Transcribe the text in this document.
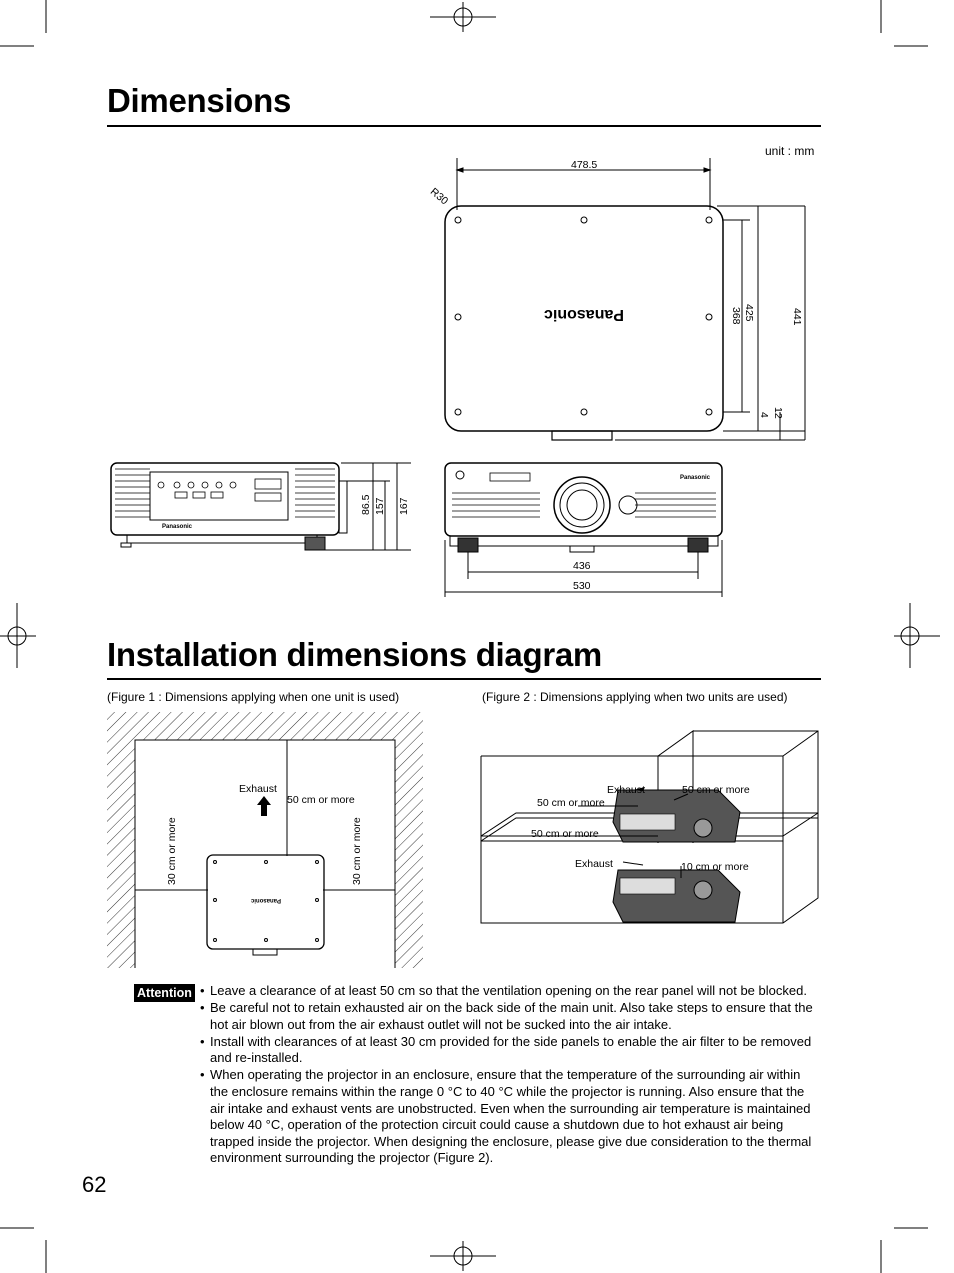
Dimensions
unit : mm
478.5
R30
Panasonic	368 425	441
4 12
Panasonic
86.5 157 167
Panasonic
436
530
Installation dimensions diagram
(Figure 1 : Dimensions applying when one unit is used)	(Figure 2 : Dimensions applying when two units are used)
Exhaust
50 cm or more
30 cm or more	30 cm or more
Panasonic
Exhaust	50 cm or more
50 cm or more
50 cm or more
Exhaust	10 cm or more
Attention
•	Leave a clearance of at least 50 cm so that the ventilation opening on the rear panel will not be blocked.
• Be careful not to retain exhausted air on the back side of the main unit. Also take steps to ensure that the hot air blown out from the air exhaust outlet will not be sucked into the air intake.
• Install with clearances of at least 30 cm provided for the side panels to enable the air filter to be removed and re-installed.
• When operating the projector in an enclosure, ensure that the temperature of the surrounding air within the enclosure remains within the range 0 °C to 40 °C while the projector is running. Also ensure that the air intake and exhaust vents are unobstructed. Even when the surrounding air temperature is maintained below 40 °C, operation of the protection circuit could cause a shutdown due to hot exhaust air being trapped inside the projector. When designing the enclosure, please give due consideration to the thermal environment surrounding the projector (Figure 2).
62
